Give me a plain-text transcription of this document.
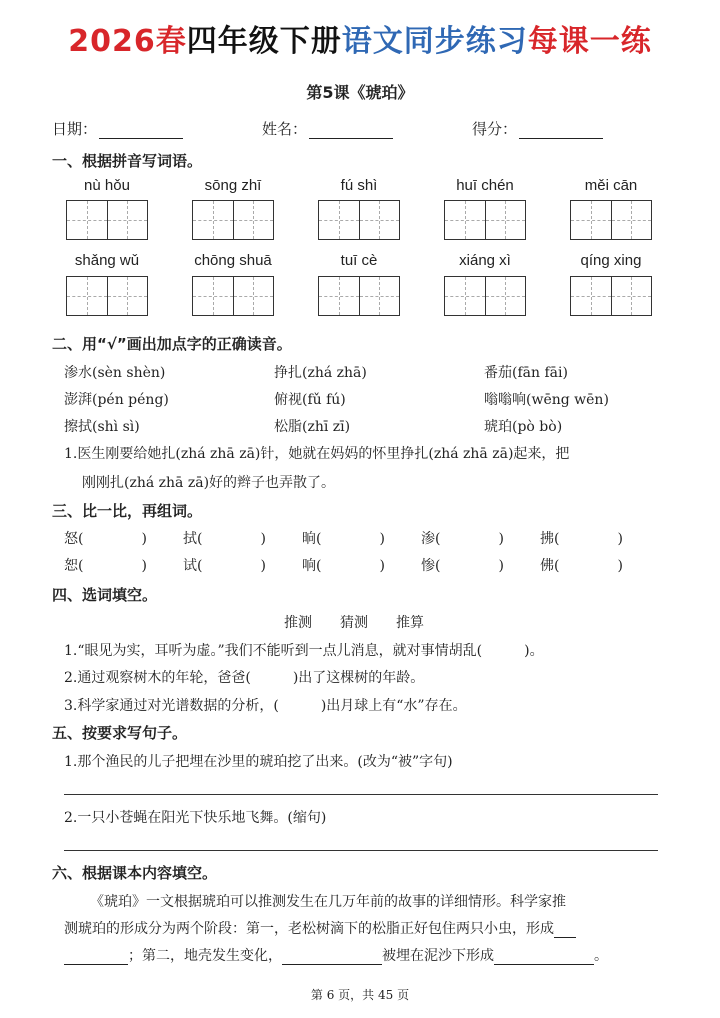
2026春四年级下册语文同步练习每课一练
第5课《琥珀》
日期：	姓名：	得分：
一、根据拼音写词语。
nù hǒu	sōng zhī	fú shì	huī chén	měi cān
shǎng wǔ	chōng shuā	tuī cè	xiáng xì	qíng xing
二、用“√”画出加点字的正确读音。
渗水(sèn shèn)	挣扎(zhá zhā)	番茄(fān fāi)
澎湃(pén péng)	俯视(fǔ fú)	嗡嗡响(wēng wēn)
擦拭(shì sì)	松脂(zhī zī)	琥珀(pò bò)
1.医生刚要给她扎(zhá zhā zā)针，她就在妈妈的怀里挣扎(zhá zhā zā)起来，把
刚刚扎(zhá zhā zā)好的辫子也弄散了。
三、比一比，再组词。
怒(	)	拭(	)	晌(	)	渗(	)	拂(	)
恕(	)	试(	)	响(	)	惨(	)	佛(	)
四、选词填空。
推测　　猜测　　推算
1.“眼见为实，耳听为虚。”我们不能听到一点儿消息，就对事情胡乱(　　　)。
2.通过观察树木的年轮，爸爸(　　　)出了这棵树的年龄。
3.科学家通过对光谱数据的分析，(　　　)出月球上有“水”存在。
五、按要求写句子。
1.那个渔民的儿子把埋在沙里的琥珀挖了出来。(改为“被”字句)
2.一只小苍蝇在阳光下快乐地飞舞。(缩句)
六、根据课本内容填空。
《琥珀》一文根据琥珀可以推测发生在几万年前的故事的详细情形。科学家推
测琥珀的形成分为两个阶段：第一，老松树滴下的松脂正好包住两只小虫，形成
；第二，地壳发生变化，	被埋在泥沙下形成	。
第 6 页，共 45 页
